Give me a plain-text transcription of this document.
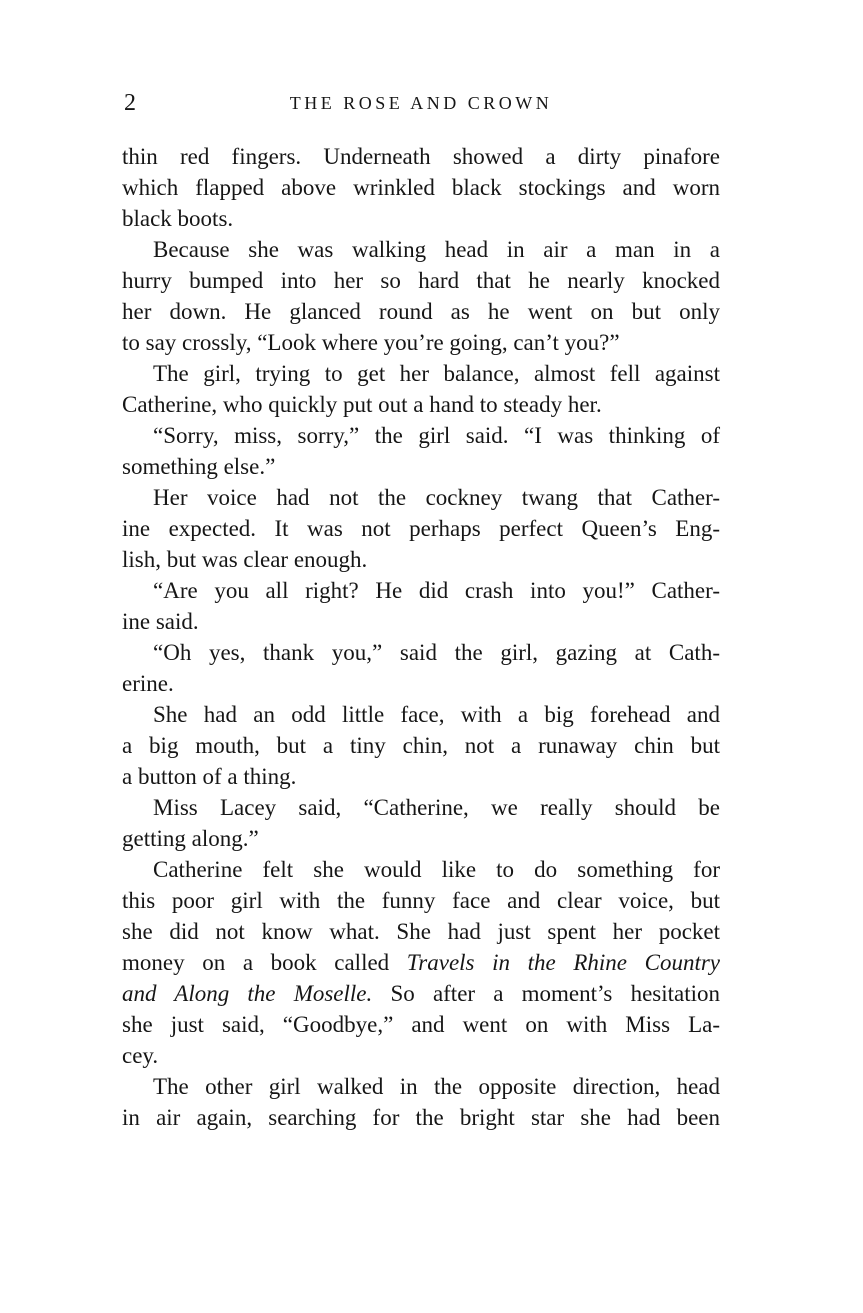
2	THE ROSE AND CROWN
thin red fingers. Underneath showed a dirty pinafore
which flapped above wrinkled black stockings and worn
black boots.
Because she was walking head in air a man in a
hurry bumped into her so hard that he nearly knocked
her down. He glanced round as he went on but only
to say crossly, “Look where you’re going, can’t you?”
The girl, trying to get her balance, almost fell against
Catherine, who quickly put out a hand to steady her.
“Sorry, miss, sorry,” the girl said. “I was thinking of
something else.”
Her voice had not the cockney twang that Cather-
ine expected. It was not perhaps perfect Queen’s Eng-
lish, but was clear enough.
“Are you all right? He did crash into you!” Cather-
ine said.
“Oh yes, thank you,” said the girl, gazing at Cath-
erine.
She had an odd little face, with a big forehead and
a big mouth, but a tiny chin, not a runaway chin but
a button of a thing.
Miss Lacey said, “Catherine, we really should be
getting along.”
Catherine felt she would like to do something for
this poor girl with the funny face and clear voice, but
she did not know what. She had just spent her pocket
money on a book called Travels in the Rhine Country
and Along the Moselle. So after a moment’s hesitation
she just said, “Goodbye,” and went on with Miss La-
cey.
The other girl walked in the opposite direction, head
in air again, searching for the bright star she had been
